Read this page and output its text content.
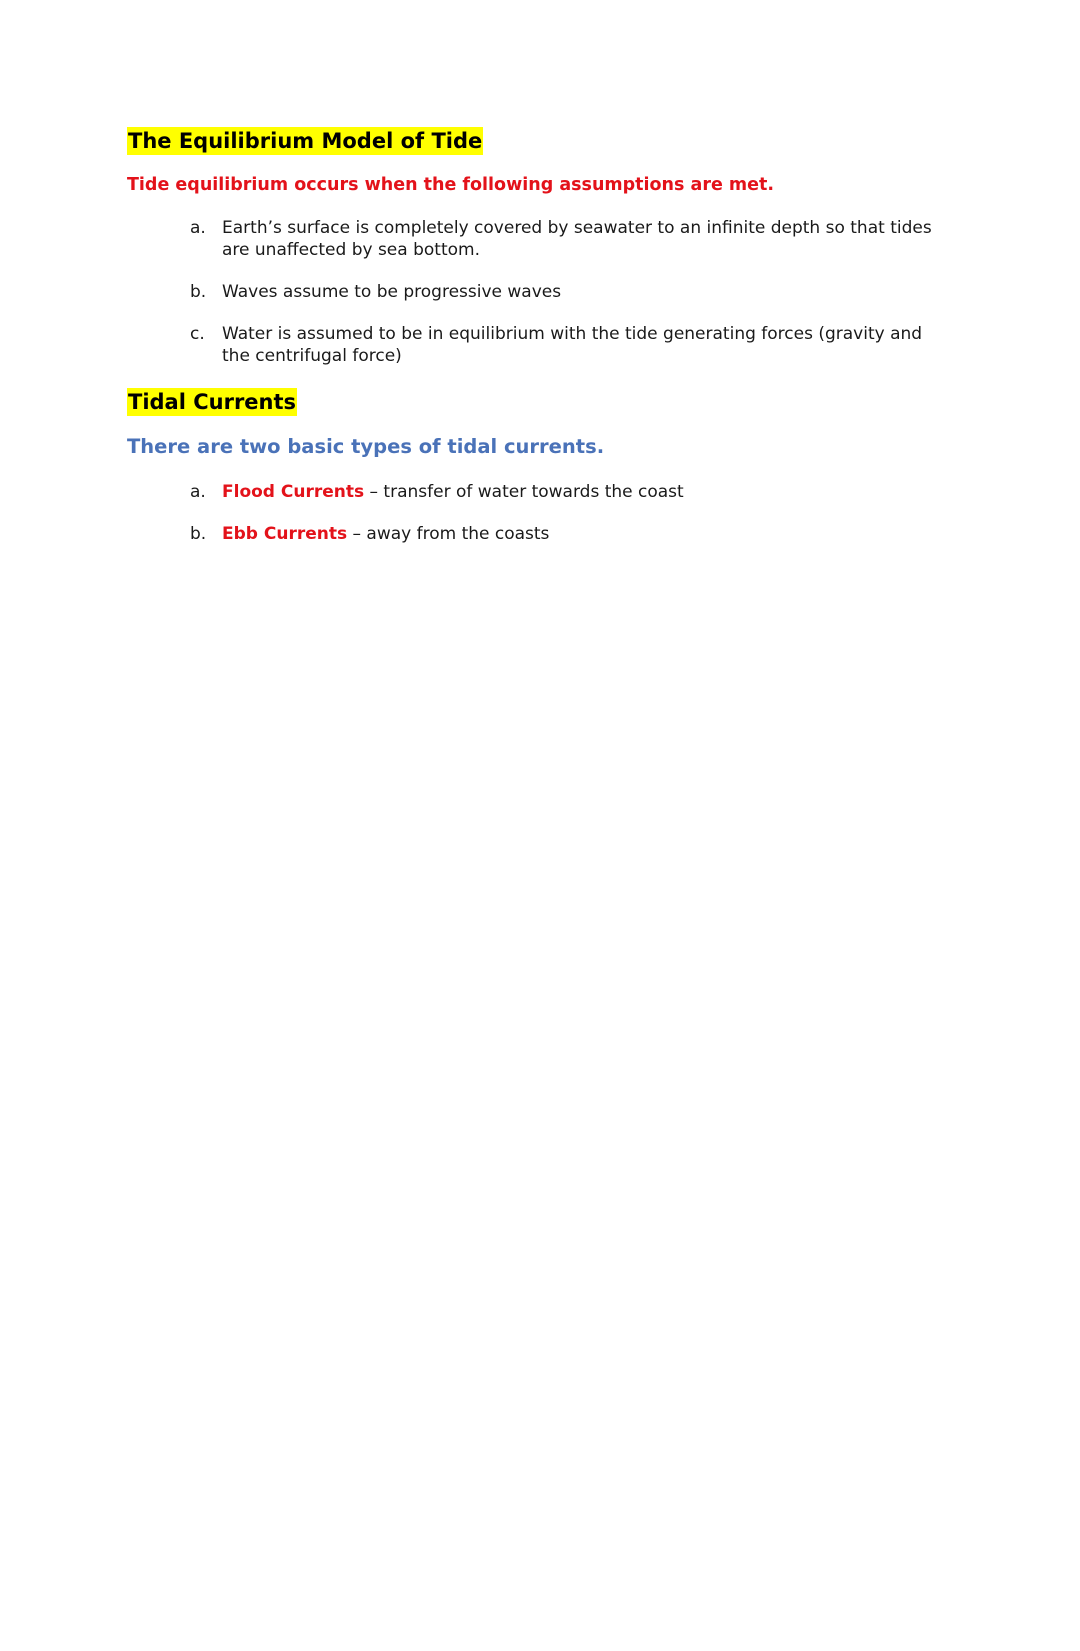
The Equilibrium Model of Tide
Tide equilibrium occurs when the following assumptions are met.
a. Earth’s surface is completely covered by seawater to an infinite depth so that tides are unaffected by sea bottom.
b. Waves assume to be progressive waves
c. Water is assumed to be in equilibrium with the tide generating forces (gravity and the centrifugal force)
Tidal Currents
There are two basic types of tidal currents.
a. Flood Currents – transfer of water towards the coast
b. Ebb Currents – away from the coasts
